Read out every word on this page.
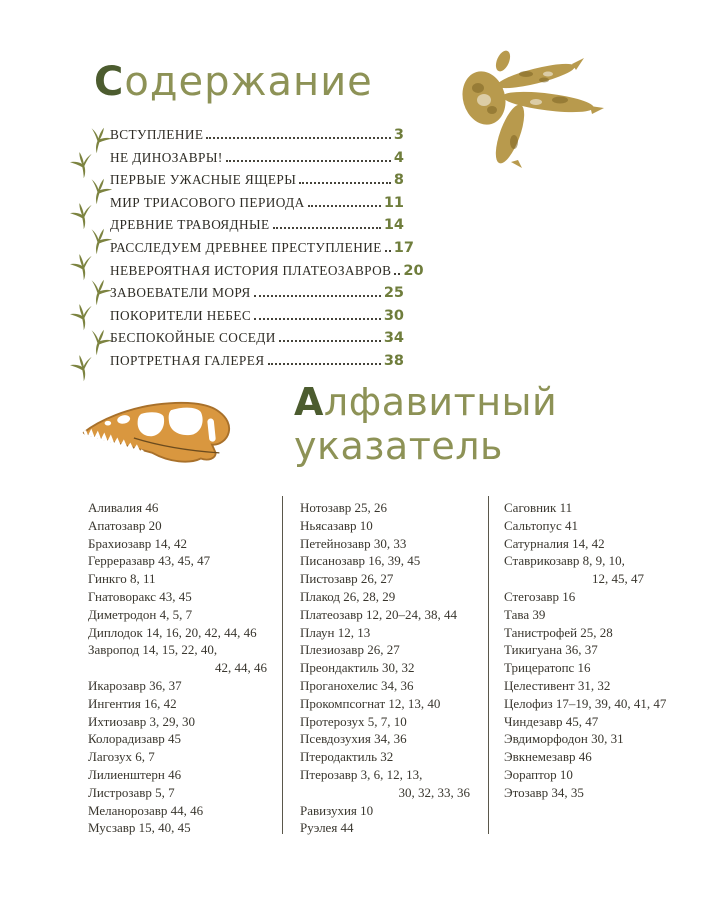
Содержание
ВСТУПЛЕНИЕ	3
НЕ ДИНОЗАВРЫ!	4
ПЕРВЫЕ УЖАСНЫЕ ЯЩЕРЫ	8
МИР ТРИАСОВОГО ПЕРИОДА	11
ДРЕВНИЕ ТРАВОЯДНЫЕ	14
РАССЛЕДУЕМ ДРЕВНЕЕ ПРЕСТУПЛЕНИЕ 17
НЕВЕРОЯТНАЯ ИСТОРИЯ ПЛАТЕОЗАВРОВ 20
ЗАВОЕВАТЕЛИ МОРЯ	25
ПОКОРИТЕЛИ НЕБЕС	30
БЕСПОКОЙНЫЕ СОСЕДИ	34
ПОРТРЕТНАЯ ГАЛЕРЕЯ	38
Алфавитный
указатель
Аливалия 46
Апатозавр 20
Брахиозавр 14, 42
Герреразавр 43, 45, 47
Гинкго 8, 11
Гнатоворакс 43, 45
Диметродон 4, 5, 7
Диплодок 14, 16, 20, 42, 44, 46
Завропод 14, 15, 22, 40,
42, 44, 46
Икарозавр 36, 37
Ингентия 16, 42
Ихтиозавр 3, 29, 30
Колорадизавр 45
Лагозух 6, 7
Лилиенштерн 46
Листрозавр 5, 7
Меланорозавр 44, 46
Мусзавр 15, 40, 45
Нотозавр 25, 26
Ньясазавр 10
Петейнозавр 30, 33
Писанозавр 16, 39, 45
Пистозавр 26, 27
Плакод 26, 28, 29
Платеозавр 12, 20–24, 38, 44
Плаун 12, 13
Плезиозавр 26, 27
Преондактиль 30, 32
Проганохелис 34, 36
Прокомпсогнат 12, 13, 40
Протерозух 5, 7, 10
Псевдозухия 34, 36
Птеродактиль 32
Птерозавр 3, 6, 12, 13,
30, 32, 33, 36
Равизухия 10
Руэлея 44
Саговник 11
Сальтопус 41
Сатурналия 14, 42
Ставрикозавр 8, 9, 10,
12, 45, 47
Стегозавр 16
Тава 39
Танистрофей 25, 28
Тикигуана 36, 37
Трицератопс 16
Целестивент 31, 32
Целофиз 17–19, 39, 40, 41, 47
Чиндезавр 45, 47
Эвдиморфодон 30, 31
Эвкнемезавр 46
Эораптор 10
Этозавр 34, 35
